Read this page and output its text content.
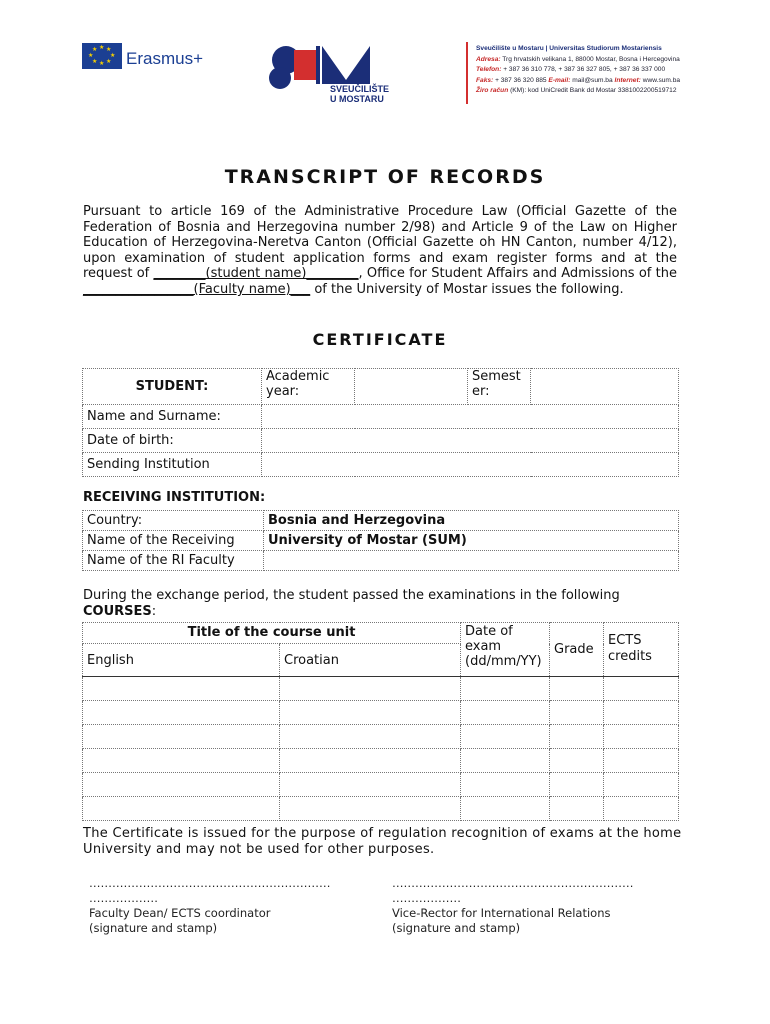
★ ★
★
★
★
★
★
★ Erasmus+
SVEUČILIŠTE
U MOSTARU
Sveučilište u Mostaru | Universitas Studiorum Mostariensis
Adresa: Trg hrvatskih velikana 1, 88000 Mostar, Bosna i Hercegovina
Telefon: + 387 36 310 778, + 387 36 327 805, + 387 36 337 000
Faks: + 387 36 320 885 E-mail: mail@sum.ba Internet: www.sum.ba
Žiro račun (KM): kod UniCredit Bank dd Mostar 3381002200519712
TRANSCRIPT OF RECORDS
Pursuant to article 169 of the Administrative Procedure Law (Official Gazette of the Federation of Bosnia and Herzegovina number 2/98) and Article 9 of the Law on Higher Education of Herzegovina-Neretva Canton (Official Gazette oh HN Canton, number 4/12), upon examination of student application forms and exam register forms and at the request of ________(student name)________, Office for Student Affairs and Admissions of the _________________(Faculty name)___ of the University of Mostar issues the following.
CERTIFICATE
STUDENT:	Academic year:		Semest er:	
Name and Surname:				
Date of birth:				
Sending Institution				
RECEIVING INSTITUTION:
Country:	Bosnia and Herzegovina

Name of the Receiving	University of Mostar (SUM)
Name of the RI Faculty	
During the exchange period, the student passed the examinations in the following COURSES:
Title of the course unit		Date of exam (dd/mm/YY)	Grade	ECTS credits
English	Croatian			

The Certificate is issued for the purpose of regulation recognition of exams at the home University and may not be used for other purposes.
………………………………………………………
………………
Faculty Dean/ ECTS coordinator
(signature and stamp)
………………………………………………………
………………
Vice-Rector for International Relations
(signature and stamp)
